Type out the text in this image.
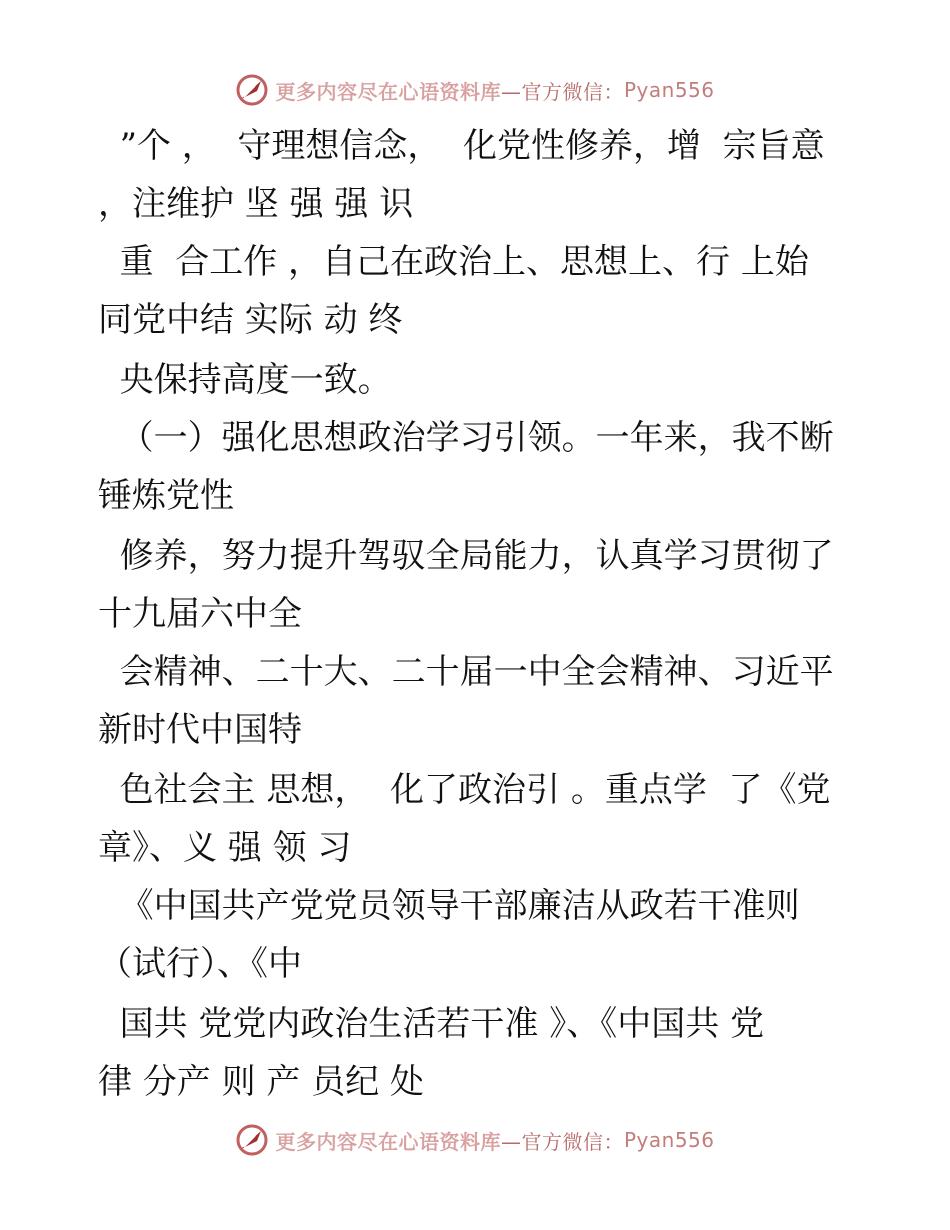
更多内容尽在心语资料库 —官方微信： Pyan556
”个 ，  守理想信念，  化党性修养，增  宗旨意
，注维护 坚 强 强 识
重  合工作 ，自己在政治上、思想上、行 上始
同党中结 实际 动 终
央保持高度一致。
（一）强化思想政治学习引领。一年来，我不断
锤炼党性
修养，努力提升驾驭全局能力，认真学习贯彻了
十九届六中全
会精神、二十大、二十届一中全会精神、习近平
新时代中国特
色社会主 思想，  化了政治引 。重点学  了《党
章》、义 强 领 习
《中国共产党党员领导干部廉洁从政若干准则
（试行）、《中
国共 党党内政治生活若干准 》、《中国共 党
律 分产 则 产 员纪 处
更多内容尽在心语资料库 —官方微信： Pyan556
